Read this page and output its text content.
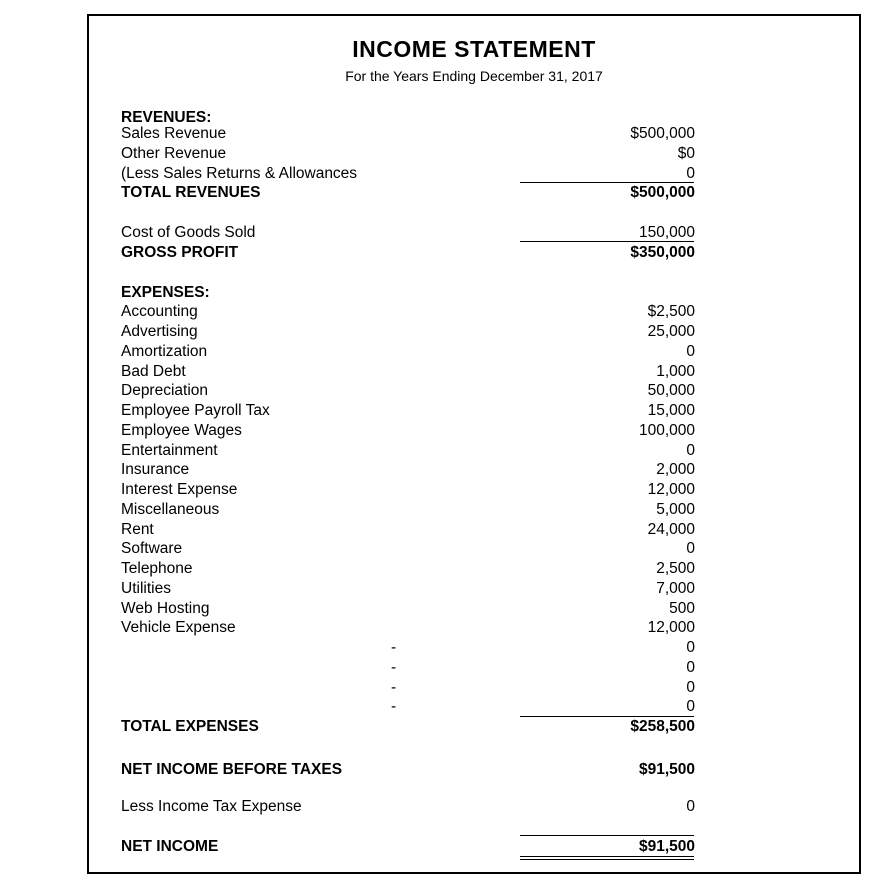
INCOME STATEMENT
For the Years Ending December 31, 2017
REVENUES:
Sales Revenue	$500,000
Other Revenue	$0
(Less Sales Returns & Allowances	0
TOTAL REVENUES	$500,000
Cost of Goods Sold	150,000
GROSS PROFIT	$350,000
EXPENSES:
Accounting	$2,500
Advertising	25,000
Amortization	0
Bad Debt	1,000
Depreciation	50,000
Employee Payroll Tax	15,000
Employee Wages	100,000
Entertainment	0
Insurance	2,000
Interest Expense	12,000
Miscellaneous	5,000
Rent	24,000
Software	0
Telephone	2,500
Utilities	7,000
Web Hosting	500
Vehicle Expense	12,000
-	0
-	0
-	0
-	0
TOTAL EXPENSES	$258,500
NET INCOME BEFORE TAXES	$91,500
Less Income Tax Expense	0
NET INCOME	$91,500
